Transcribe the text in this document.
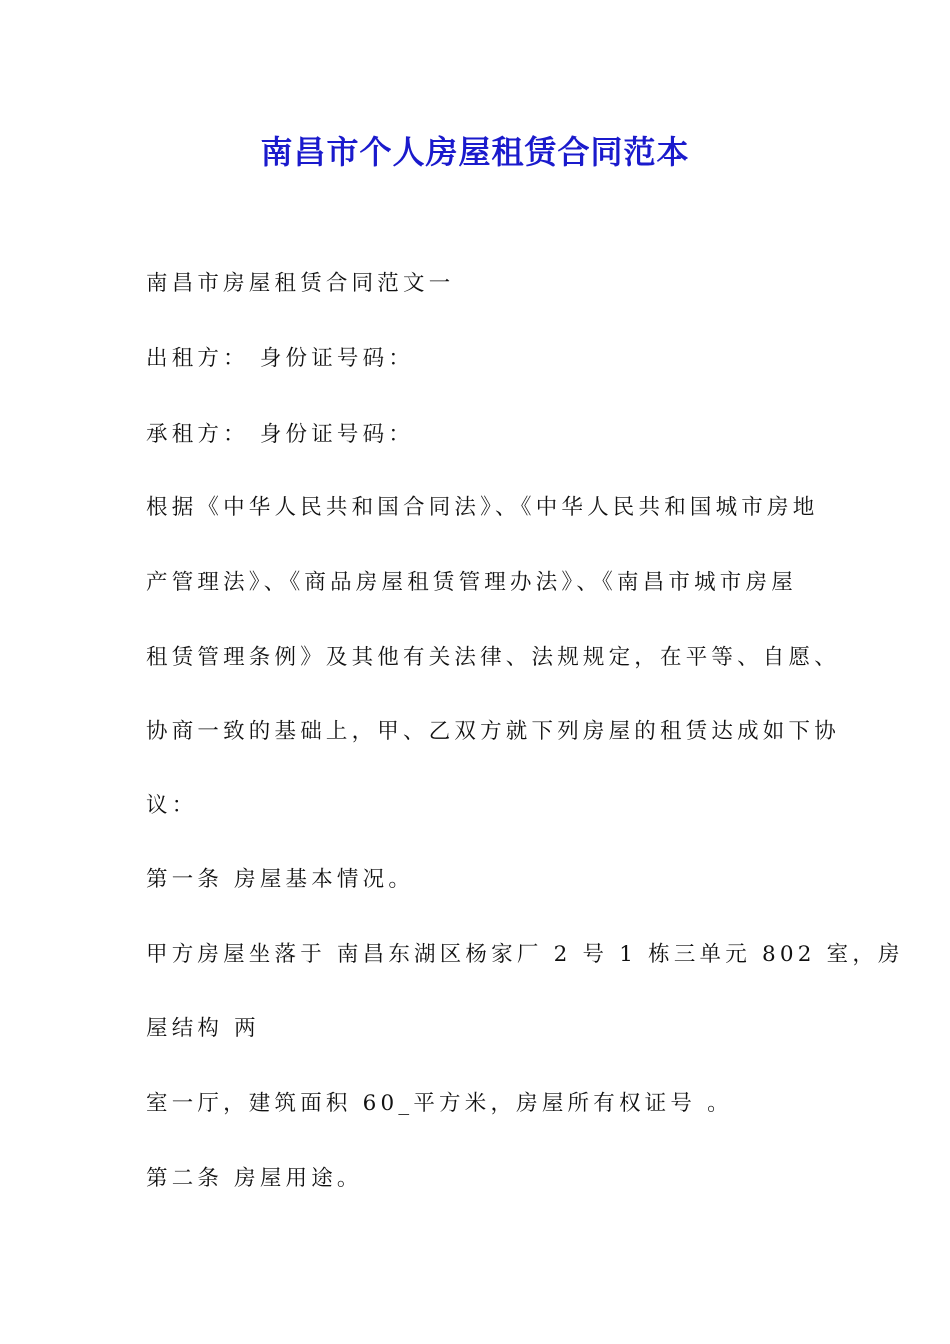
南昌市个人房屋租赁合同范本
南昌市房屋租赁合同范文一
出租方： 身份证号码：
承租方： 身份证号码：
根据《中华人民共和国合同法》、《中华人民共和国城市房地
产管理法》、《商品房屋租赁管理办法》、《南昌市城市房屋
租赁管理条例》及其他有关法律、法规规定，在平等、自愿、
协商一致的基础上，甲、乙双方就下列房屋的租赁达成如下协
议：
第一条 房屋基本情况。
甲方房屋坐落于 南昌东湖区杨家厂 2 号 1 栋三单元 802 室，房
屋结构 两
室一厅，建筑面积 60_平方米，房屋所有权证号 。
第二条 房屋用途。
